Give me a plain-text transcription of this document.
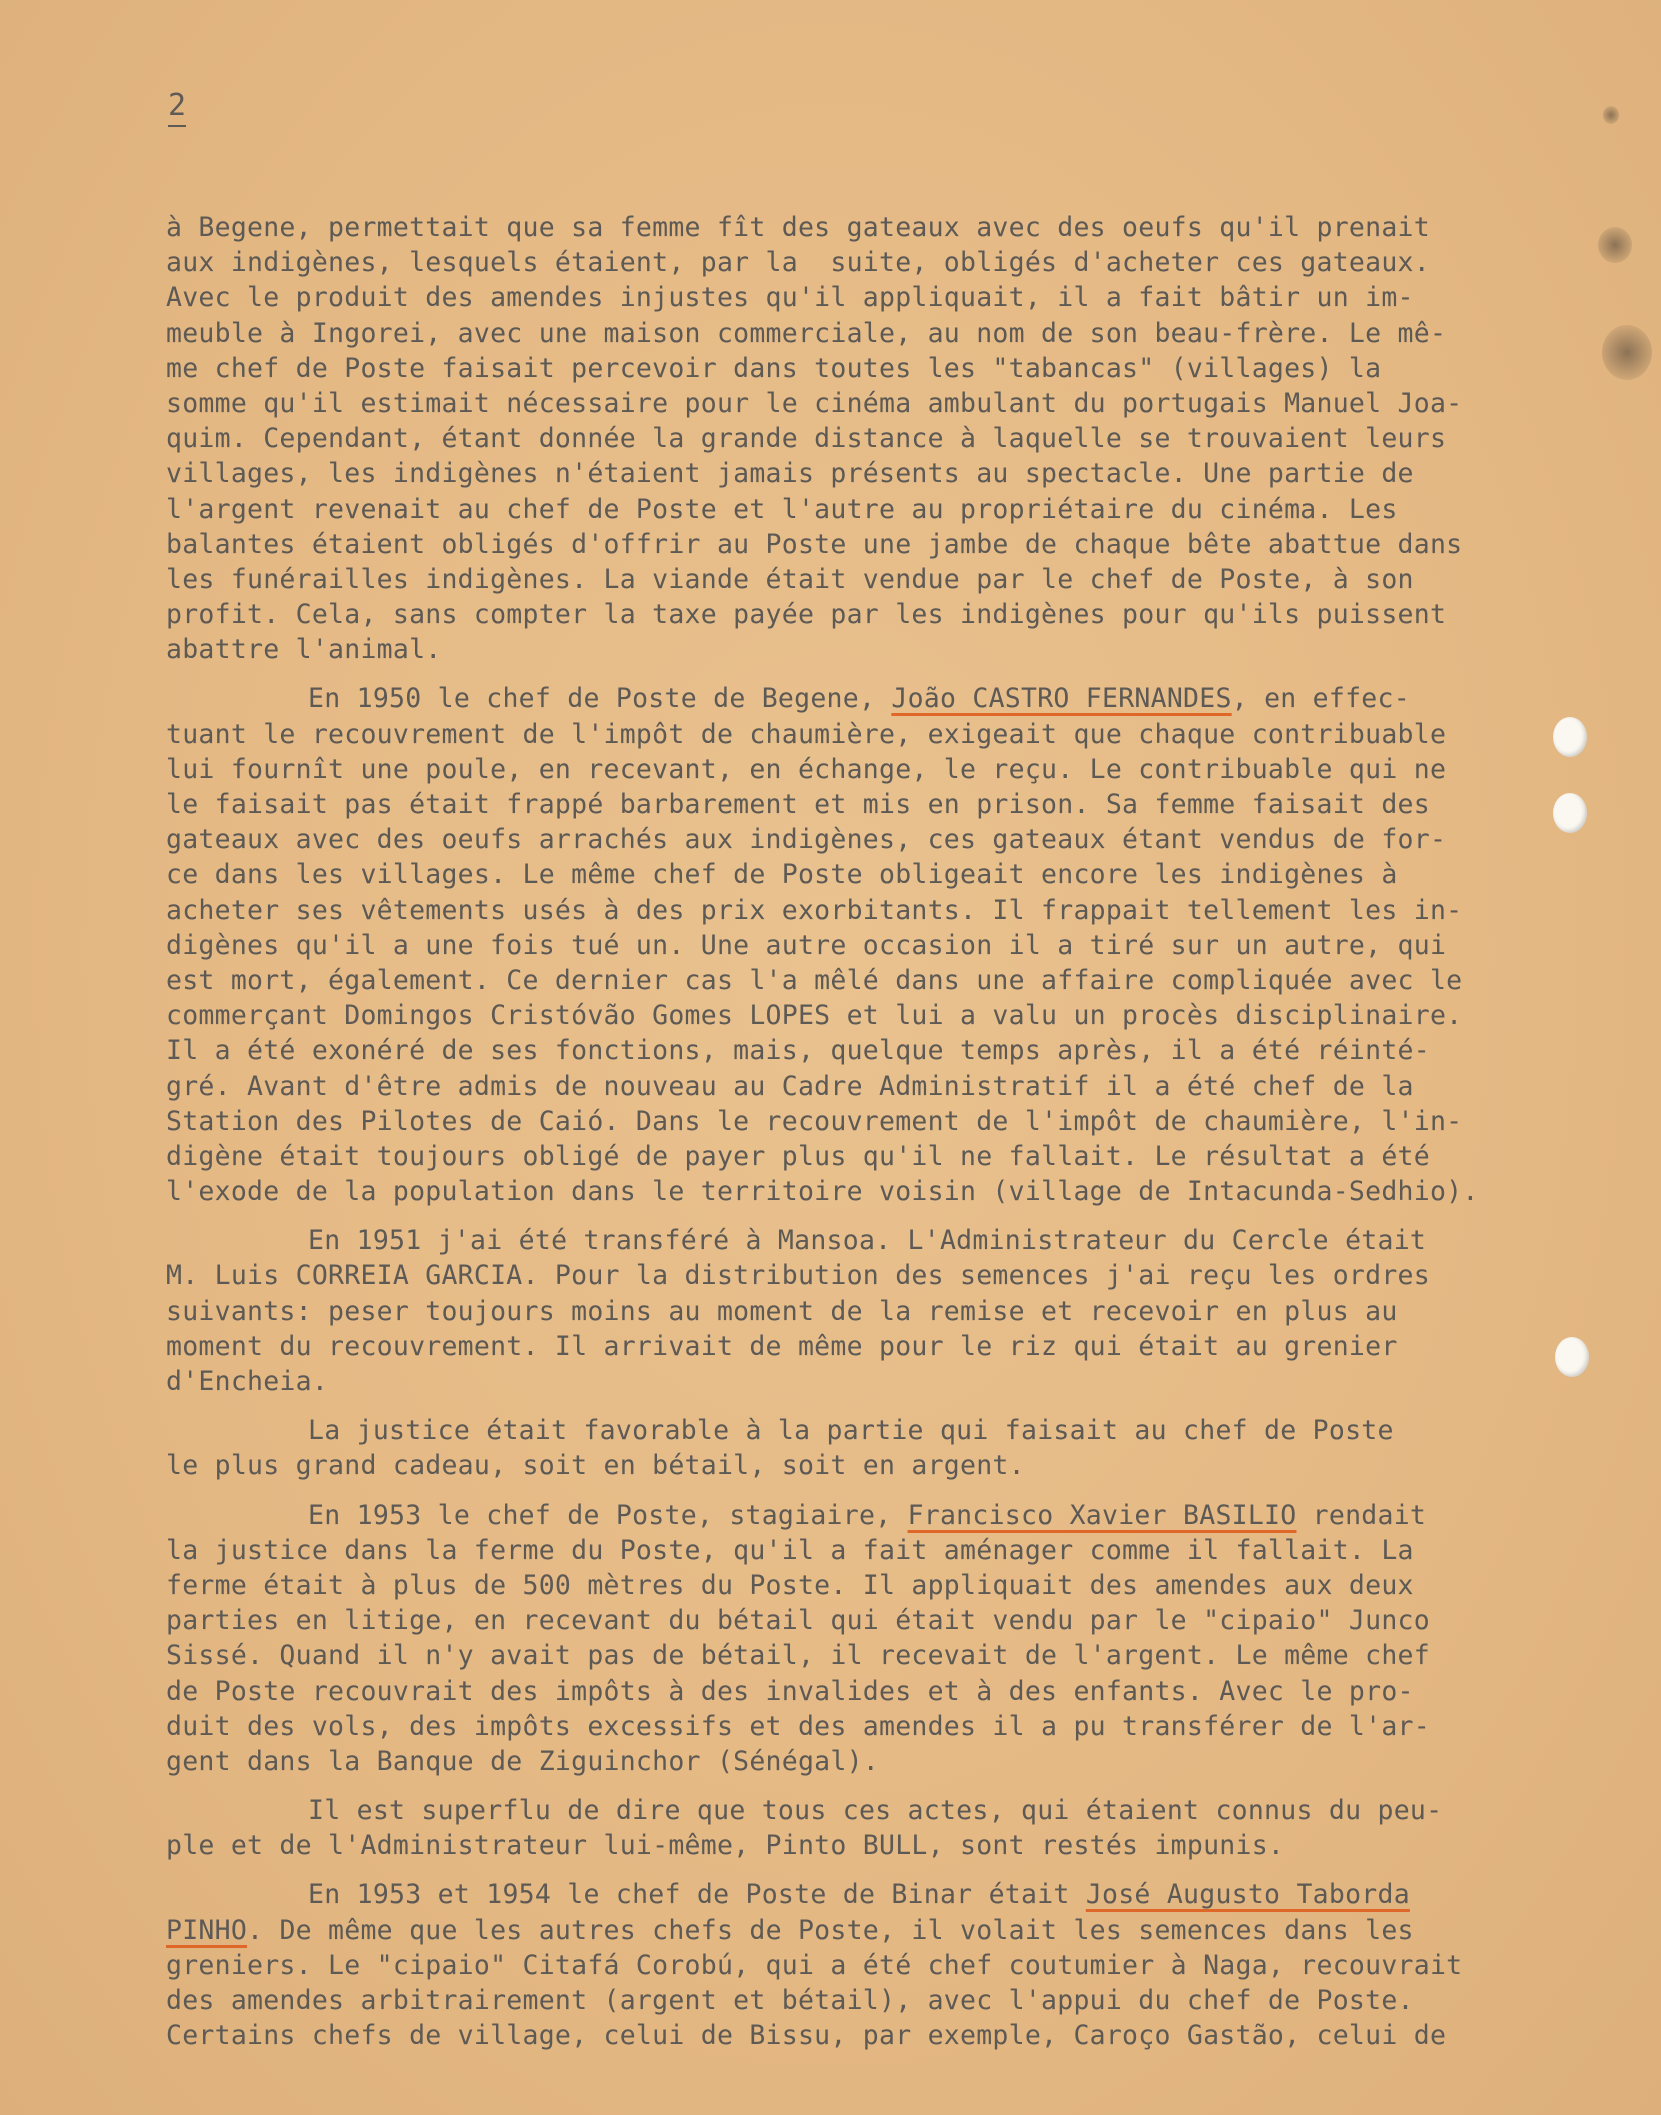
2
à Begene, permettait que sa femme fît des gateaux avec des oeufs qu'il prenait
aux indigènes, lesquels étaient, par la  suite, obligés d'acheter ces gateaux.
Avec le produit des amendes injustes qu'il appliquait, il a fait bâtir un im-
meuble à Ingorei, avec une maison commerciale, au nom de son beau-frère. Le mê-
me chef de Poste faisait percevoir dans toutes les "tabancas" (villages) la
somme qu'il estimait nécessaire pour le cinéma ambulant du portugais Manuel Joa-
quim. Cependant, étant donnée la grande distance à laquelle se trouvaient leurs
villages, les indigènes n'étaient jamais présents au spectacle. Une partie de
l'argent revenait au chef de Poste et l'autre au propriétaire du cinéma. Les
balantes étaient obligés d'offrir au Poste une jambe de chaque bête abattue dans
les funérailles indigènes. La viande était vendue par le chef de Poste, à son
profit. Cela, sans compter la taxe payée par les indigènes pour qu'ils puissent
abattre l'animal.
En 1950 le chef de Poste de Begene, João CASTRO FERNANDES, en effec-
tuant le recouvrement de l'impôt de chaumière, exigeait que chaque contribuable
lui fournît une poule, en recevant, en échange, le reçu. Le contribuable qui ne
le faisait pas était frappé barbarement et mis en prison. Sa femme faisait des
gateaux avec des oeufs arrachés aux indigènes, ces gateaux étant vendus de for-
ce dans les villages. Le même chef de Poste obligeait encore les indigènes à
acheter ses vêtements usés à des prix exorbitants. Il frappait tellement les in-
digènes qu'il a une fois tué un. Une autre occasion il a tiré sur un autre, qui
est mort, également. Ce dernier cas l'a mêlé dans une affaire compliquée avec le
commerçant Domingos Cristóvão Gomes LOPES et lui a valu un procès disciplinaire.
Il a été exonéré de ses fonctions, mais, quelque temps après, il a été réinté-
gré. Avant d'être admis de nouveau au Cadre Administratif il a été chef de la
Station des Pilotes de Caió. Dans le recouvrement de l'impôt de chaumière, l'in-
digène était toujours obligé de payer plus qu'il ne fallait. Le résultat a été
l'exode de la population dans le territoire voisin (village de Intacunda-Sedhio).
En 1951 j'ai été transféré à Mansoa. L'Administrateur du Cercle était
M. Luis CORREIA GARCIA. Pour la distribution des semences j'ai reçu les ordres
suivants: peser toujours moins au moment de la remise et recevoir en plus au
moment du recouvrement. Il arrivait de même pour le riz qui était au grenier
d'Encheia.
La justice était favorable à la partie qui faisait au chef de Poste
le plus grand cadeau, soit en bétail, soit en argent.
En 1953 le chef de Poste, stagiaire, Francisco Xavier BASILIO rendait
la justice dans la ferme du Poste, qu'il a fait aménager comme il fallait. La
ferme était à plus de 500 mètres du Poste. Il appliquait des amendes aux deux
parties en litige, en recevant du bétail qui était vendu par le "cipaio" Junco
Sissé. Quand il n'y avait pas de bétail, il recevait de l'argent. Le même chef
de Poste recouvrait des impôts à des invalides et à des enfants. Avec le pro-
duit des vols, des impôts excessifs et des amendes il a pu transférer de l'ar-
gent dans la Banque de Ziguinchor (Sénégal).
Il est superflu de dire que tous ces actes, qui étaient connus du peu-
ple et de l'Administrateur lui-même, Pinto BULL, sont restés impunis.
En 1953 et 1954 le chef de Poste de Binar était José Augusto Taborda
PINHO. De même que les autres chefs de Poste, il volait les semences dans les
greniers. Le "cipaio" Citafá Corobú, qui a été chef coutumier à Naga, recouvrait
des amendes arbitrairement (argent et bétail), avec l'appui du chef de Poste.
Certains chefs de village, celui de Bissu, par exemple, Caroço Gastão, celui de
